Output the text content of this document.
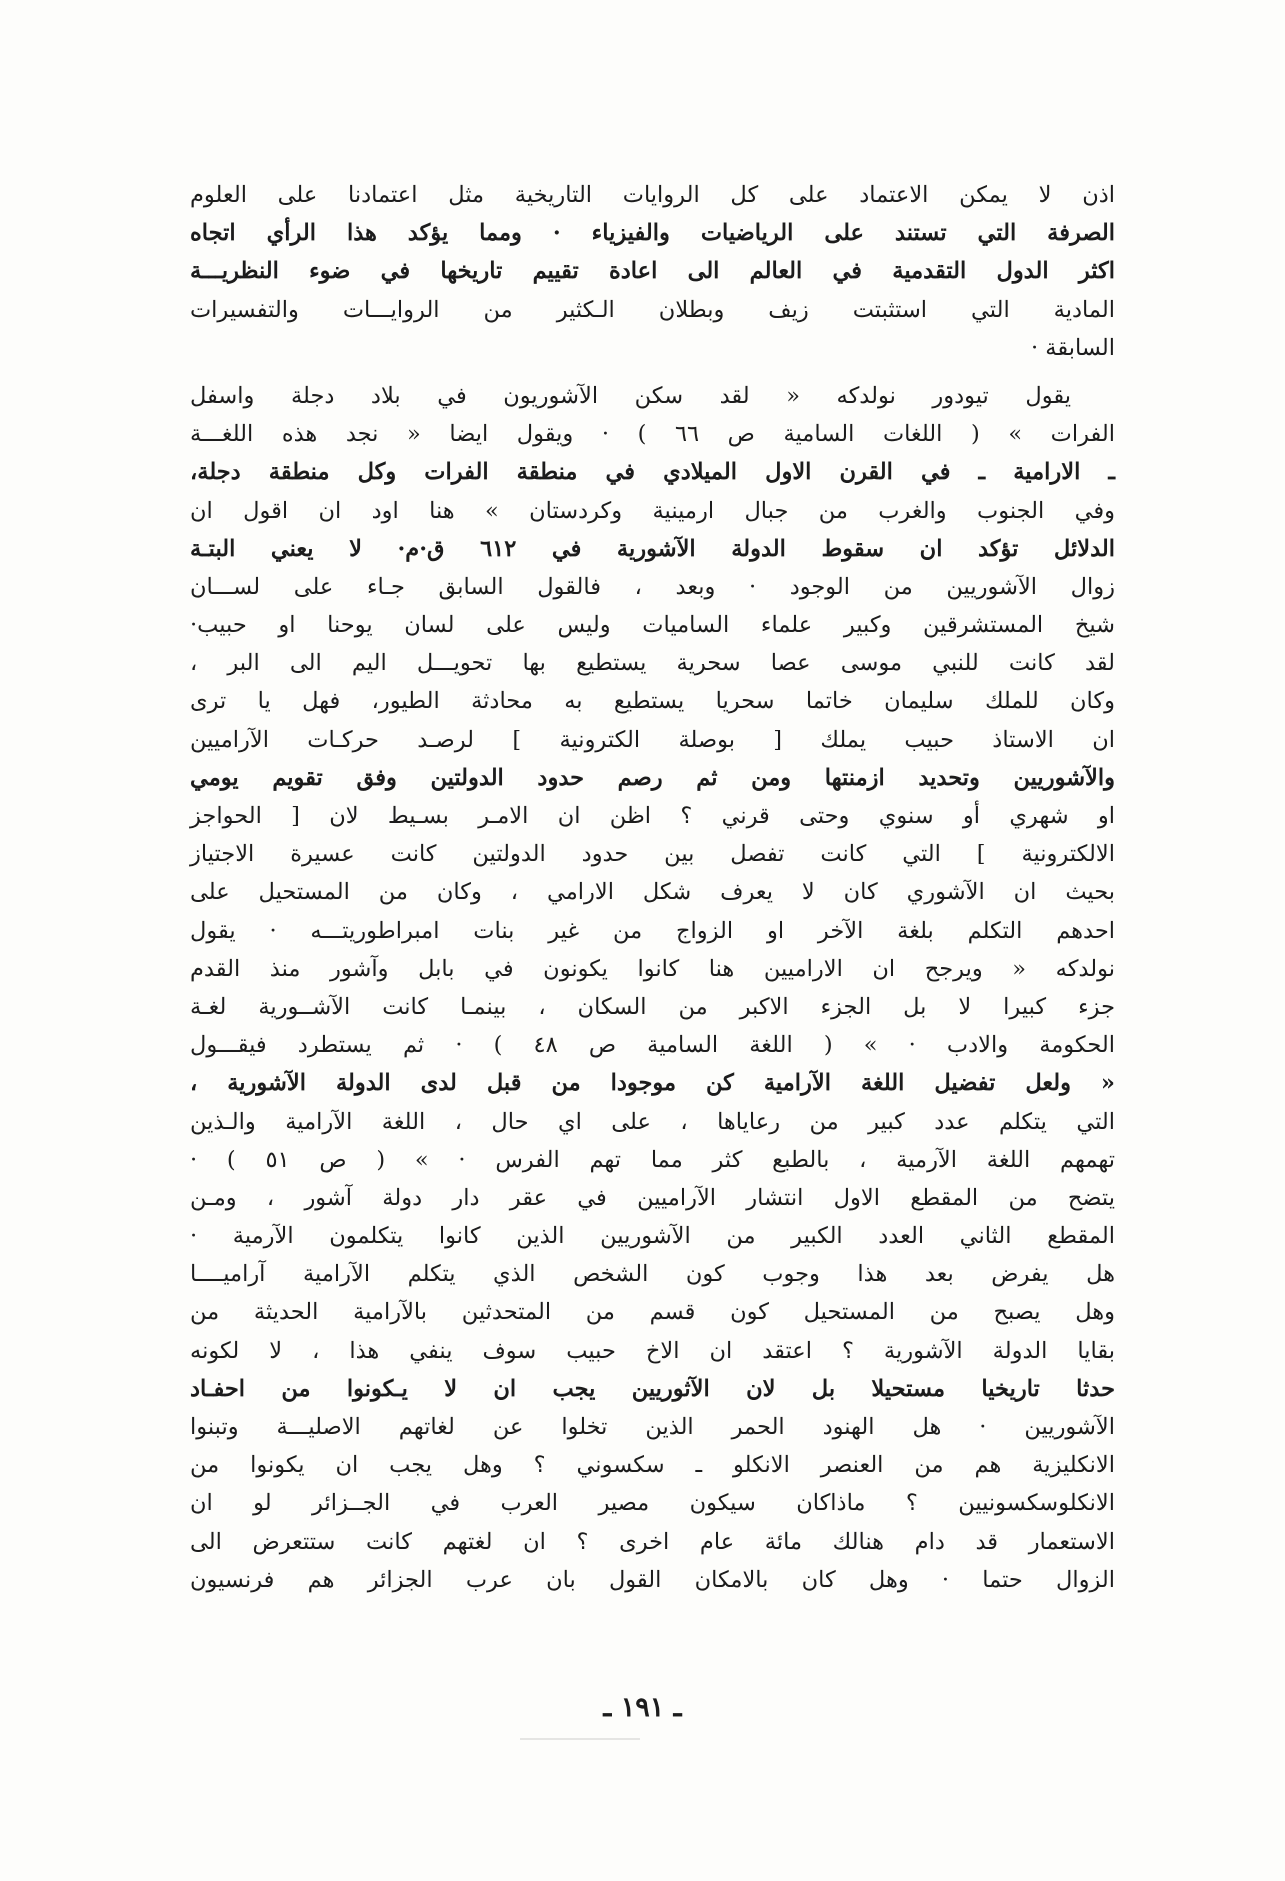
اذن لا يمكن الاعتماد على كل الروايات التاريخية مثل اعتمادنا على العلوم
الصرفة التي تستند على الرياضيات والفيزياء · ومما يؤكد هذا الرأي اتجاه
اكثر الدول التقدمية في العالم الى اعادة تقييم تاريخها في ضوء النظريـــة
المادية التي استثبتت زيف وبطلان الـكثير من الروايـــات والتفسيرات
السابقة ·
يقول تيودور نولدكه « لقد سكن الآشوريون في بلاد دجلة واسفل
الفرات » ( اللغات السامية ص ٦٦ ) · ويقول ايضا « نجد هذه اللغـــة
ـ الارامية ـ في القرن الاول الميلادي في منطقة الفرات وكل منطقة دجلة،
وفي الجنوب والغرب من جبال ارمينية وكردستان » هنا اود ان اقول ان
الدلائل تؤكد ان سقوط الدولة الآشورية في ٦١٢ ق·م· لا يعني البتـة
زوال الآشوريين من الوجود · وبعد ، فالقول السابق جـاء على لســـان
شيخ المستشرقين وكبير علماء الساميات وليس على لسان يوحنا او حبيب·
لقد كانت للنبي موسى عصا سحرية يستطيع بها تحويـــل اليم الى البر ،
وكان للملك سليمان خاتما سحريا يستطيع به محادثة الطيور، فهل يا ترى
ان الاستاذ حبيب يملك [ بوصلة الكترونية ] لرصـد حركـات الآراميين
والآشوريين وتحديد ازمنتها ومن ثم رصم حدود الدولتين وفق تقويم يومي
او شهري أو سنوي وحتى قرني ؟ اظن ان الامـر بسـيط لان [ الحواجز
الالكترونية ] التي كانت تفصل بين حدود الدولتين كانت عسيرة الاجتياز
بحيث ان الآشوري كان لا يعرف شكل الارامي ، وكان من المستحيل على
احدهم التكلم بلغة الآخر او الزواج من غير بنات امبراطوريتـــه · يقول
نولدكه « ويرجح ان الاراميين هنا كانوا يكونون في بابل وآشور منذ القدم
جزء كبيرا لا بل الجزء الاكبر من السكان ، بينمـا كانت الآشــورية لغـة
الحكومة والادب · » ( اللغة السامية ص ٤٨ ) · ثم يستطرد فيقـــول
« ولعل تفضيل اللغة الآرامية كن موجودا من قبل لدى الدولة الآشورية ،
التي يتكلم عدد كبير من رعاياها ، على اي حال ، اللغة الآرامية والـذين
تهمهم اللغة الآرمية ، بالطبع كثر مما تهم الفرس · » ( ص ٥١ ) ·
يتضح من المقطع الاول انتشار الآراميين في عقر دار دولة آشور ، ومـن
المقطع الثاني العدد الكبير من الآشوريين الذين كانوا يتكلمون الآرمية ·
هل يفرض بعد هذا وجوب كون الشخص الذي يتكلم الآرامية آراميــــا
وهل يصبح من المستحيل كون قسم من المتحدثين بالآرامية الحديثة من
بقايا الدولة الآشورية ؟ اعتقد ان الاخ حبيب سوف ينفي هذا ، لا لكونه
حدثا تاريخيا مستحيلا بل لان الآثوريين يجب ان لا يـكونوا من احفـاد
الآشوريين · هل الهنود الحمر الذين تخلوا عن لغاتهم الاصليـــة وتبنوا
الانكليزية هم من العنصر الانكلو ـ سكسوني ؟ وهل يجب ان يكونوا من
الانكلوسكسونيين ؟ ماذاكان سيكون مصير العرب في الجــزائر لو ان
الاستعمار قد دام هنالك مائة عام اخرى ؟ ان لغتهم كانت ستتعرض الى
الزوال حتما · وهل كان بالامكان القول بان عرب الجزائر هم فرنسيون
ـ ١٩١ ـ
